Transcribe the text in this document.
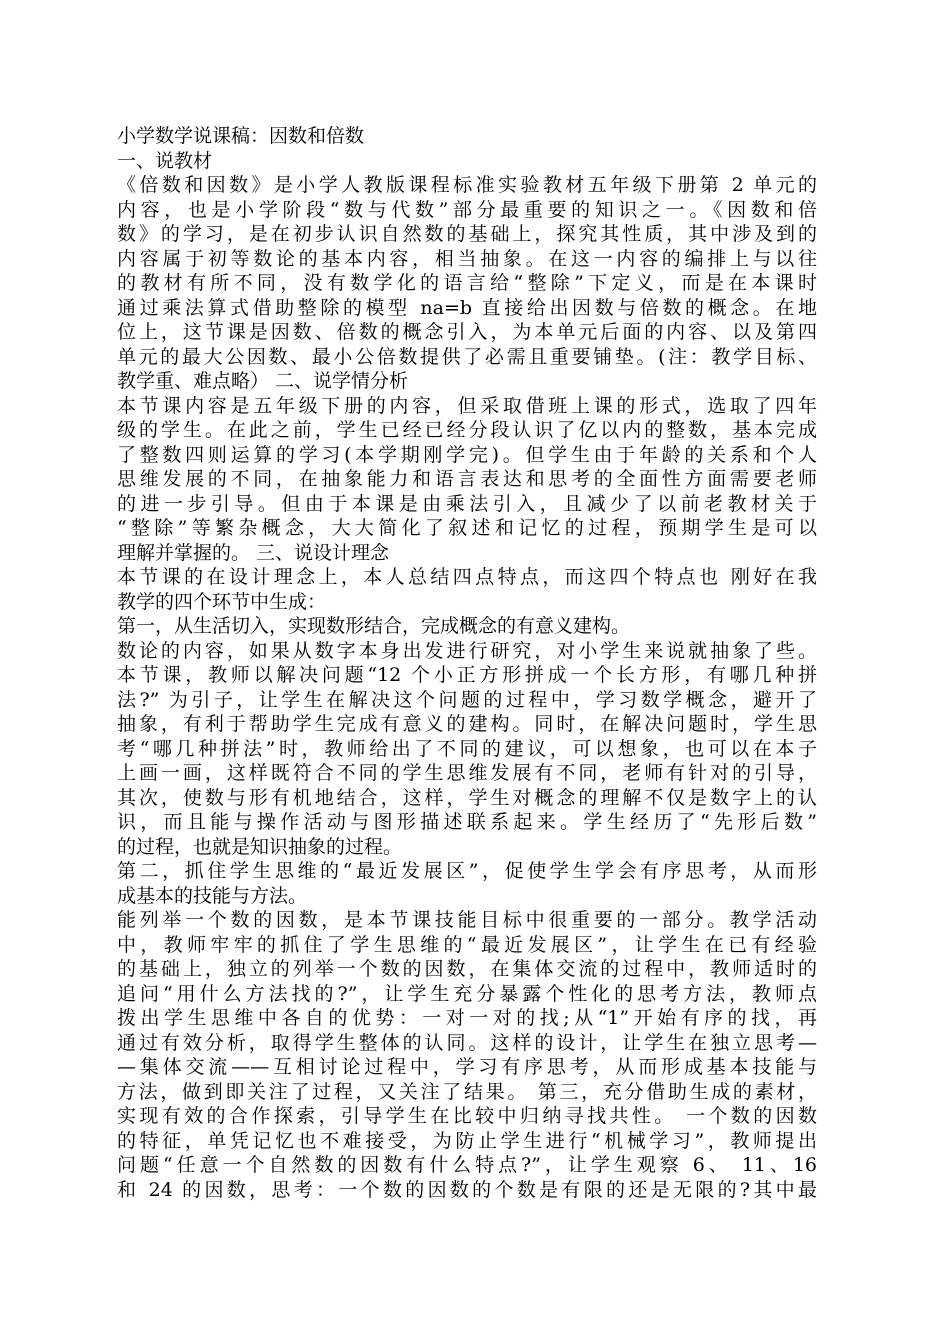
小学数学说课稿：因数和倍数
一、说教材
《倍数和因数》是小学人教版课程标准实验教材五年级下册第 2 单元的
内容，也是小学阶段“数与代数”部分最重要的知识之一。《因数和倍
数》的学习，是在初步认识自然数的基础上，探究其性质，其中涉及到的
内容属于初等数论的基本内容，相当抽象。在这一内容的编排上与以往
的教材有所不同，没有数学化的语言给“整除”下定义，而是在本课时
通过乘法算式借助整除的模型 na=b 直接给出因数与倍数的概念。在地
位上，这节课是因数、倍数的概念引入，为本单元后面的内容、以及第四
单元的最大公因数、最小公倍数提供了必需且重要铺垫。(注：教学目标、
教学重、难点略） 二、说学情分析
本节课内容是五年级下册的内容，但采取借班上课的形式，选取了四年
级的学生。在此之前，学生已经已经分段认识了亿以内的整数，基本完成
了整数四则运算的学习(本学期刚学完)。但学生由于年龄的关系和个人
思维发展的不同，在抽象能力和语言表达和思考的全面性方面需要老师
的进一步引导。但由于本课是由乘法引入，且减少了以前老教材关于
“整除”等繁杂概念，大大简化了叙述和记忆的过程，预期学生是可以
理解并掌握的。 三、说设计理念
本节课的在设计理念上，本人总结四点特点，而这四个特点也 刚好在我
教学的四个环节中生成：
第一，从生活切入，实现数形结合，完成概念的有意义建构。
数论的内容，如果从数字本身出发进行研究，对小学生来说就抽象了些。
本节课，教师以解决问题“12 个小正方形拼成一个长方形，有哪几种拼
法?” 为引子，让学生在解决这个问题的过程中，学习数学概念，避开了
抽象，有利于帮助学生完成有意义的建构。同时，在解决问题时，学生思
考“哪几种拼法”时，教师给出了不同的建议，可以想象，也可以在本子
上画一画，这样既符合不同的学生思维发展有不同，老师有针对的引导，
其次，使数与形有机地结合，这样，学生对概念的理解不仅是数字上的认
识，而且能与操作活动与图形描述联系起来。学生经历了“先形后数”
的过程，也就是知识抽象的过程。
第二，抓住学生思维的“最近发展区”，促使学生学会有序思考，从而形
成基本的技能与方法。
能列举一个数的因数，是本节课技能目标中很重要的一部分。教学活动
中，教师牢牢的抓住了学生思维的“最近发展区”，让学生在已有经验
的基础上，独立的列举一个数的因数，在集体交流的过程中，教师适时的
追问“用什么方法找的?”，让学生充分暴露个性化的思考方法，教师点
拨出学生思维中各自的优势：一对一对的找;从“1”开始有序的找，再
通过有效分析，取得学生整体的认同。这样的设计，让学生在独立思考—
—集体交流——互相讨论过程中，学习有序思考，从而形成基本技能与
方法，做到即关注了过程，又关注了结果。 第三，充分借助生成的素材，
实现有效的合作探索，引导学生在比较中归纳寻找共性。 一个数的因数
的特征，单凭记忆也不难接受，为防止学生进行“机械学习”，教师提出
问题“任意一个自然数的因数有什么特点?”，让学生观察 6、 11、16
和 24 的因数，思考：一个数的因数的个数是有限的还是无限的?其中最
